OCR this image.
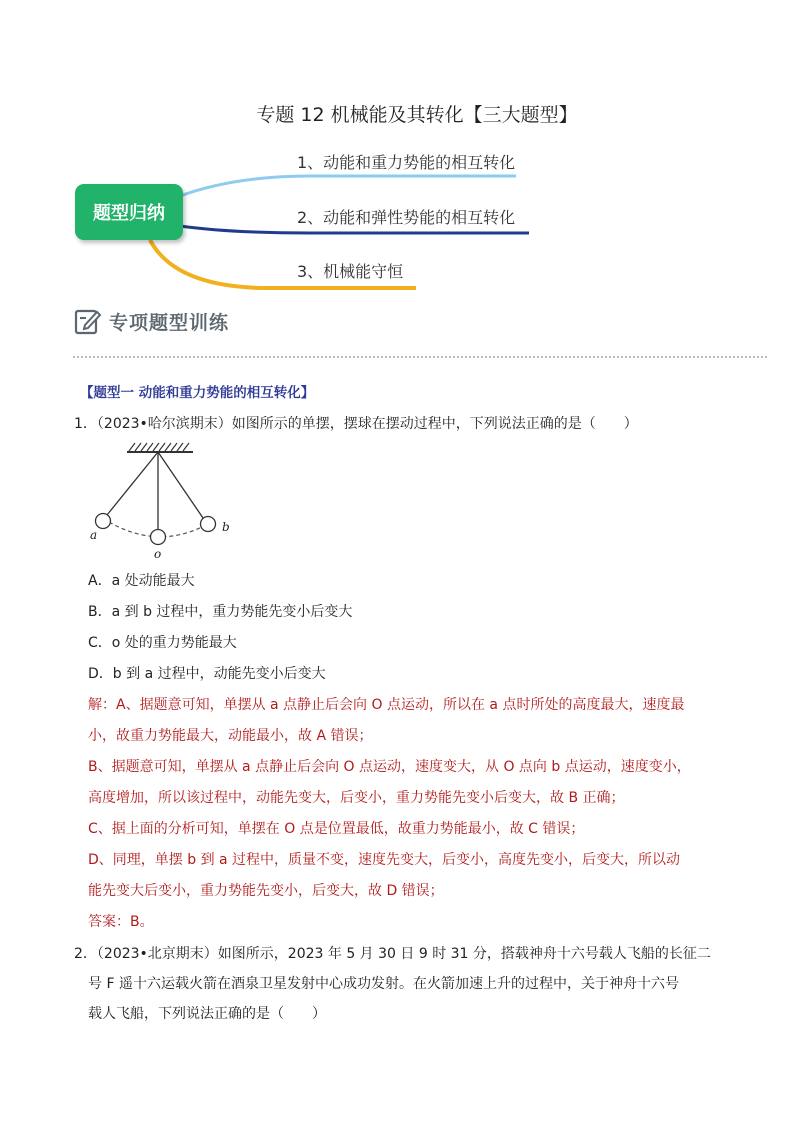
专题 12 机械能及其转化【三大题型】
题型归纳
1、动能和重力势能的相互转化
2、动能和弹性势能的相互转化
3、机械能守恒
专项题型训练
【题型一 动能和重力势能的相互转化】
1．（2023•哈尔滨期末）如图所示的单摆，摆球在摆动过程中，下列说法正确的是（　　）
a
o
b
A．a 处动能最大
B．a 到 b 过程中，重力势能先变小后变大
C．o 处的重力势能最大
D．b 到 a 过程中，动能先变小后变大
解：A、据题意可知，单摆从 a 点静止后会向 O 点运动，所以在 a 点时所处的高度最大，速度最
小，故重力势能最大，动能最小，故 A 错误；
B、据题意可知，单摆从 a 点静止后会向 O 点运动，速度变大，从 O 点向 b 点运动，速度变小，
高度增加，所以该过程中，动能先变大，后变小，重力势能先变小后变大，故 B 正确；
C、据上面的分析可知，单摆在 O 点是位置最低，故重力势能最小，故 C 错误；
D、同理，单摆 b 到 a 过程中，质量不变，速度先变大，后变小，高度先变小，后变大，所以动
能先变大后变小，重力势能先变小，后变大，故 D 错误；
答案：B。
2．（2023•北京期末）如图所示，2023 年 5 月 30 日 9 时 31 分，搭载神舟十六号载人飞船的长征二
号 F 遥十六运载火箭在酒泉卫星发射中心成功发射。在火箭加速上升的过程中，关于神舟十六号
载人飞船，下列说法正确的是（　　）
